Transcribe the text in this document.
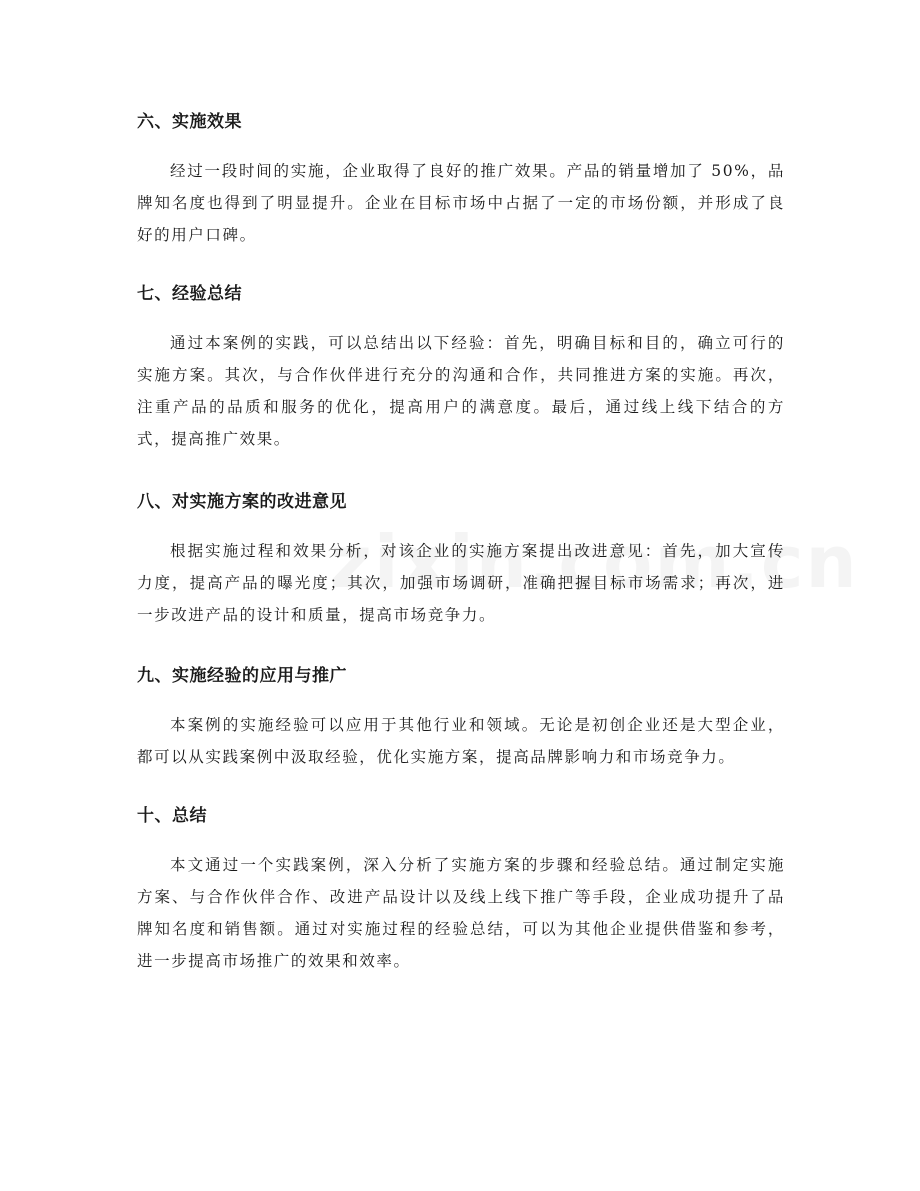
六、实施效果

经过一段时间的实施，企业取得了良好的推广效果。产品的销量增加了 50%，品牌知名度也得到了明显提升。企业在目标市场中占据了一定的市场份额，并形成了良好的用户口碑。

七、经验总结

通过本案例的实践，可以总结出以下经验：首先，明确目标和目的，确立可行的实施方案。其次，与合作伙伴进行充分的沟通和合作，共同推进方案的实施。再次，注重产品的品质和服务的优化，提高用户的满意度。最后，通过线上线下结合的方式，提高推广效果。

八、对实施方案的改进意见

根据实施过程和效果分析，对该企业的实施方案提出改进意见：首先，加大宣传力度，提高产品的曝光度；其次，加强市场调研，准确把握目标市场需求；再次，进一步改进产品的设计和质量，提高市场竞争力。

九、实施经验的应用与推广

本案例的实施经验可以应用于其他行业和领域。无论是初创企业还是大型企业，都可以从实践案例中汲取经验，优化实施方案，提高品牌影响力和市场竞争力。

十、总结

本文通过一个实践案例，深入分析了实施方案的步骤和经验总结。通过制定实施方案、与合作伙伴合作、改进产品设计以及线上线下推广等手段，企业成功提升了品牌知名度和销售额。通过对实施过程的经验总结，可以为其他企业提供借鉴和参考，进一步提高市场推广的效果和效率。
